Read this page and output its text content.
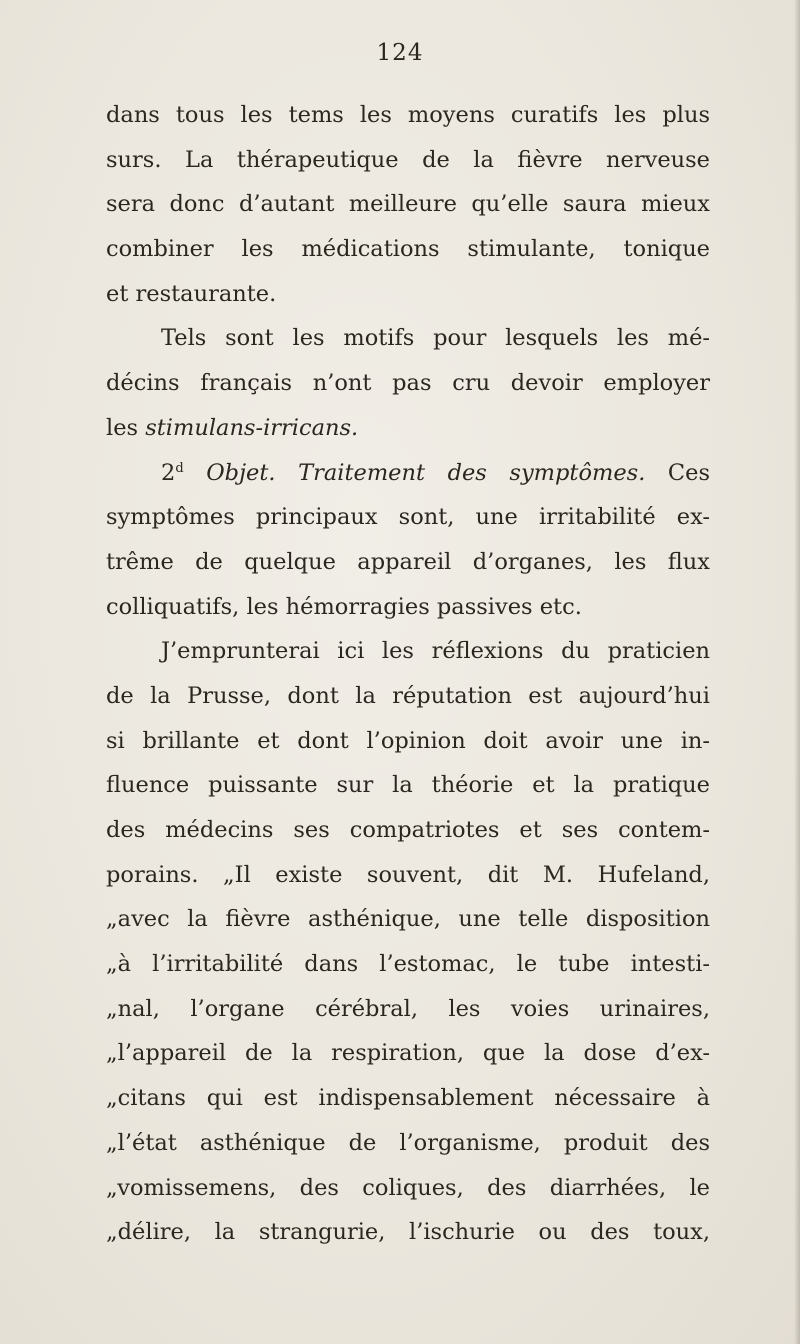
124
dans tous les tems les moyens curatifs les plus
surs. La thérapeutique de la fièvre nerveuse
sera donc d’autant meilleure qu’elle saura mieux
combiner les médications stimulante, tonique
et restaurante.
Tels sont les motifs pour lesquels les mé-
décins français n’ont pas cru devoir employer
les stimulans-irricans.
2$^d$ Objet. Traitement des symptômes. Ces
symptômes principaux sont, une irritabilité ex-
trême de quelque appareil d’organes, les flux
colliquatifs, les hémorragies passives etc.
J’emprunterai ici les réflexions du praticien
de la Prusse, dont la réputation est aujourd’hui
si brillante et dont l’opinion doit avoir une in-
fluence puissante sur la théorie et la pratique
des médecins ses compatriotes et ses contem-
porains. „Il existe souvent, dit M. Hufeland,
„avec la fièvre asthénique, une telle disposition
„à l’irritabilité dans l’estomac, le tube intesti-
„nal, l’organe cérébral, les voies urinaires,
„l’appareil de la respiration, que la dose d’ex-
„citans qui est indispensablement nécessaire à
„l’état asthénique de l’organisme, produit des
„vomissemens, des coliques, des diarrhées, le
„délire, la strangurie, l’ischurie ou des toux,
